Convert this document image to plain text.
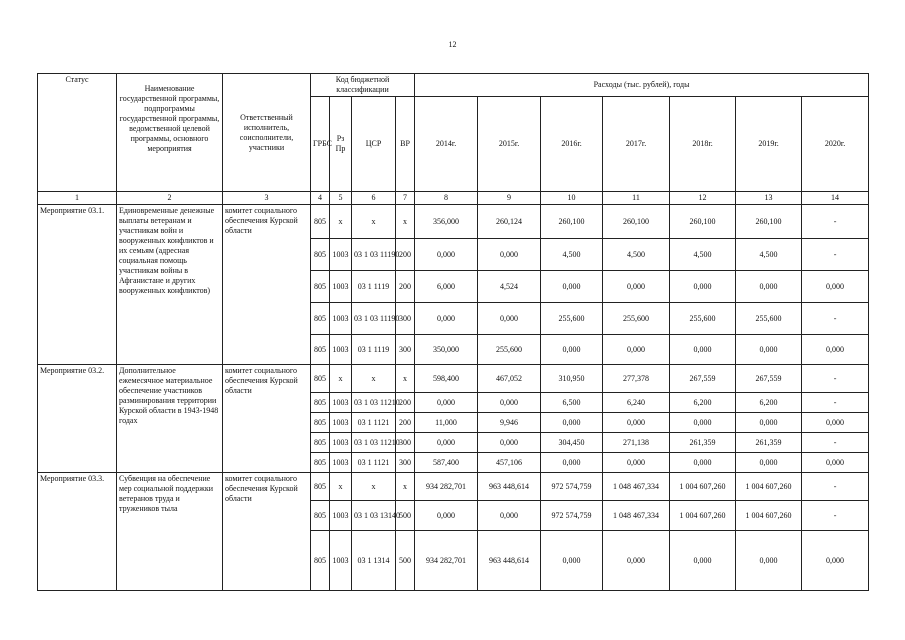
12
Статус	Наименование государственной программы, подпрограммы государственной программы, ведомственной целевой программы, основного мероприятия	Ответственный исполнитель, соисполнители, участники	Код бюджетной классификации				Расходы (тыс. рублей), годы						
			ГРБС	Рз Пр	ЦСР	ВР	2014г.	2015г.	2016г.	2017г.	2018г.	2019г.	2020г.
1	2	3	4	5	6	7	8	9	10	11	12	13	14
Мероприятие 03.1.	Единовременные денежные выплаты ветеранам и участникам войн и вооруженных конфликтов и их семьям (адресная социальная помощь участникам войны в Афганистане и других вооруженных конфликтов)	комитет социального обеспечения Курской области	805	х	х	х	356,000	260,124	260,100	260,100	260,100	260,100	-
			805	1003	03 1 03 11190	200	0,000	0,000	4,500	4,500	4,500	4,500	-
			805	1003	03 1 1119	200	6,000	4,524	0,000	0,000	0,000	0,000	0,000
			805	1003	03 1 03 11190	300	0,000	0,000	255,600	255,600	255,600	255,600	-
			805	1003	03 1 1119	300	350,000	255,600	0,000	0,000	0,000	0,000	0,000
Мероприятие 03.2.	Дополнительное ежемесячное материальное обеспечение участников разминирования территории Курской области в 1943-1948 годах	комитет социального обеспечения Курской области	805	х	х	х	598,400	467,052	310,950	277,378	267,559	267,559	-
			805	1003	03 1 03 11210	200	0,000	0,000	6,500	6,240	6,200	6,200	-
			805	1003	03 1 1121	200	11,000	9,946	0,000	0,000	0,000	0,000	0,000
			805	1003	03 1 03 11210	300	0,000	0,000	304,450	271,138	261,359	261,359	-
			805	1003	03 1 1121	300	587,400	457,106	0,000	0,000	0,000	0,000	0,000
Мероприятие 03.3.	Субвенция на обеспечение мер социальной поддержки ветеранов труда и тружеников тыла	комитет социального обеспечения Курской области	805	х	х	х	934 282,701	963 448,614	972 574,759	1 048 467,334	1 004 607,260	1 004 607,260	-
			805	1003	03 1 03 13140	500	0,000	0,000	972 574,759	1 048 467,334	1 004 607,260	1 004 607,260	-
			805	1003	03 1 1314	500	934 282,701	963 448,614	0,000	0,000	0,000	0,000	0,000
